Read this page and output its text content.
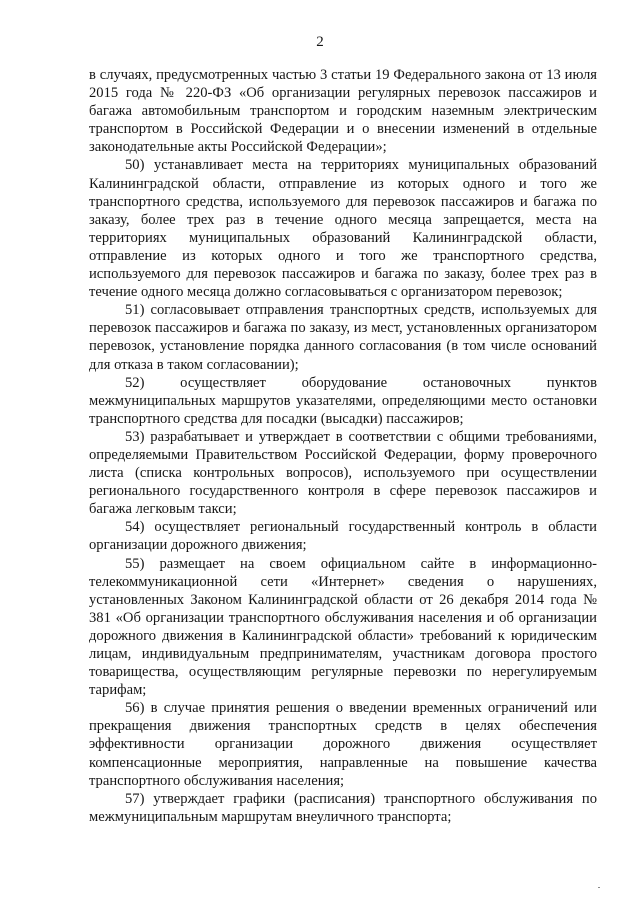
2

в случаях, предусмотренных частью 3 статьи 19 Федерального закона от 13 июля 2015 года № 220-ФЗ «Об организации регулярных перевозок пассажиров и багажа автомобильным транспортом и городским наземным электрическим транспортом в Российской Федерации и о внесении изменений в отдельные законодательные акты Российской Федерации»;

50) устанавливает места на территориях муниципальных образований Калининградской области, отправление из которых одного и того же транспортного средства, используемого для перевозок пассажиров и багажа по заказу, более трех раз в течение одного месяца запрещается, места на территориях муниципальных образований Калининградской области, отправление из которых одного и того же транспортного средства, используемого для перевозок пассажиров и багажа по заказу, более трех раз в течение одного месяца должно согласовываться с организатором перевозок;

51) согласовывает отправления транспортных средств, используемых для перевозок пассажиров и багажа по заказу, из мест, установленных организатором перевозок, установление порядка данного согласования (в том числе оснований для отказа в таком согласовании);

52) осуществляет оборудование остановочных пунктов межмуниципальных маршрутов указателями, определяющими место остановки транспортного средства для посадки (высадки) пассажиров;

53) разрабатывает и утверждает в соответствии с общими требованиями, определяемыми Правительством Российской Федерации, форму проверочного листа (списка контрольных вопросов), используемого при осуществлении регионального государственного контроля в сфере перевозок пассажиров и багажа легковым такси;

54) осуществляет региональный государственный контроль в области организации дорожного движения;

55) размещает на своем официальном сайте в информационно-телекоммуникационной сети «Интернет» сведения о нарушениях, установленных Законом Калининградской области от 26 декабря 2014 года № 381 «Об организации транспортного обслуживания населения и об организации дорожного движения в Калининградской области» требований к юридическим лицам, индивидуальным предпринимателям, участникам договора простого товарищества, осуществляющим регулярные перевозки по нерегулируемым тарифам;

56) в случае принятия решения о введении временных ограничений или прекращения движения транспортных средств в целях обеспечения эффективности организации дорожного движения осуществляет компенсационные мероприятия, направленные на повышение качества транспортного обслуживания населения;

57) утверждает графики (расписания) транспортного обслуживания по межмуниципальным маршрутам внеуличного транспорта;
